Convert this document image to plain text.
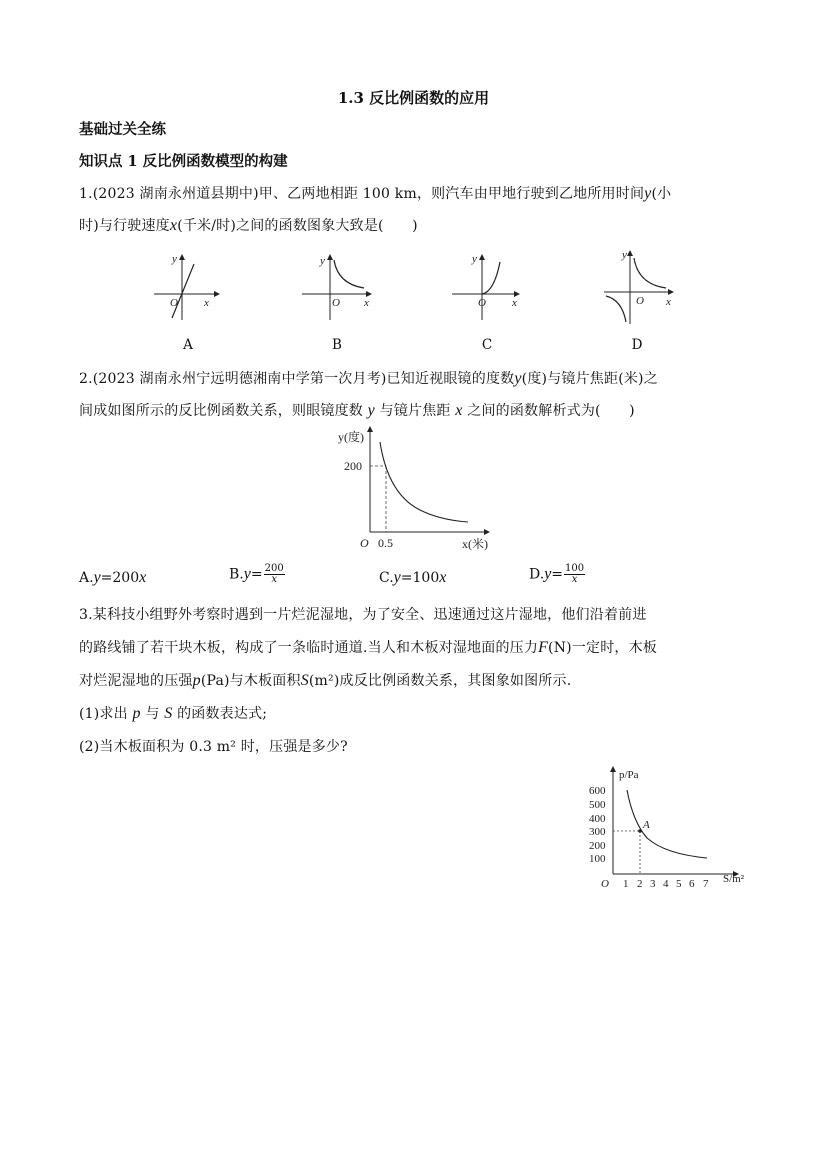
1.3 反比例函数的应用
基础过关全练
知识点 1 反比例函数模型的构建
1.(2023 湖南永州道县期中)甲、乙两地相距 100 km，则汽车由甲地行驶到乙地所用时间y(小
时)与行驶速度x(千米/时)之间的函数图象大致是(　　)
y
x
O
y
x
O
y
x
O
y
x
O
A	B	C	D
2.(2023 湖南永州宁远明德湘南中学第一次月考)已知近视眼镜的度数y(度)与镜片焦距(米)之
间成如图所示的反比例函数关系，则眼镜度数 y 与镜片焦距 x 之间的函数解析式为(　　)
y(度)
200
0.5
O	x(米)
A.y=200x	$B.y= \frac{200}{x}$	C.y=100x	$D.y= \frac{100}{x}$
3.某科技小组野外考察时遇到一片烂泥湿地，为了安全、迅速通过这片湿地，他们沿着前进
的路线铺了若干块木板，构成了一条临时通道.当人和木板对湿地面的压力F(N)一定时，木板
对烂泥湿地的压强p(Pa)与木板面积S(m²)成反比例函数关系，其图象如图所示.
(1)求出 p 与 S 的函数表达式;
(2)当木板面积为 0.3 m² 时，压强是多少?
600
500
400
300
200
100
1 2 3 4 5 6 7
A
p/Pa
S/m²
O
